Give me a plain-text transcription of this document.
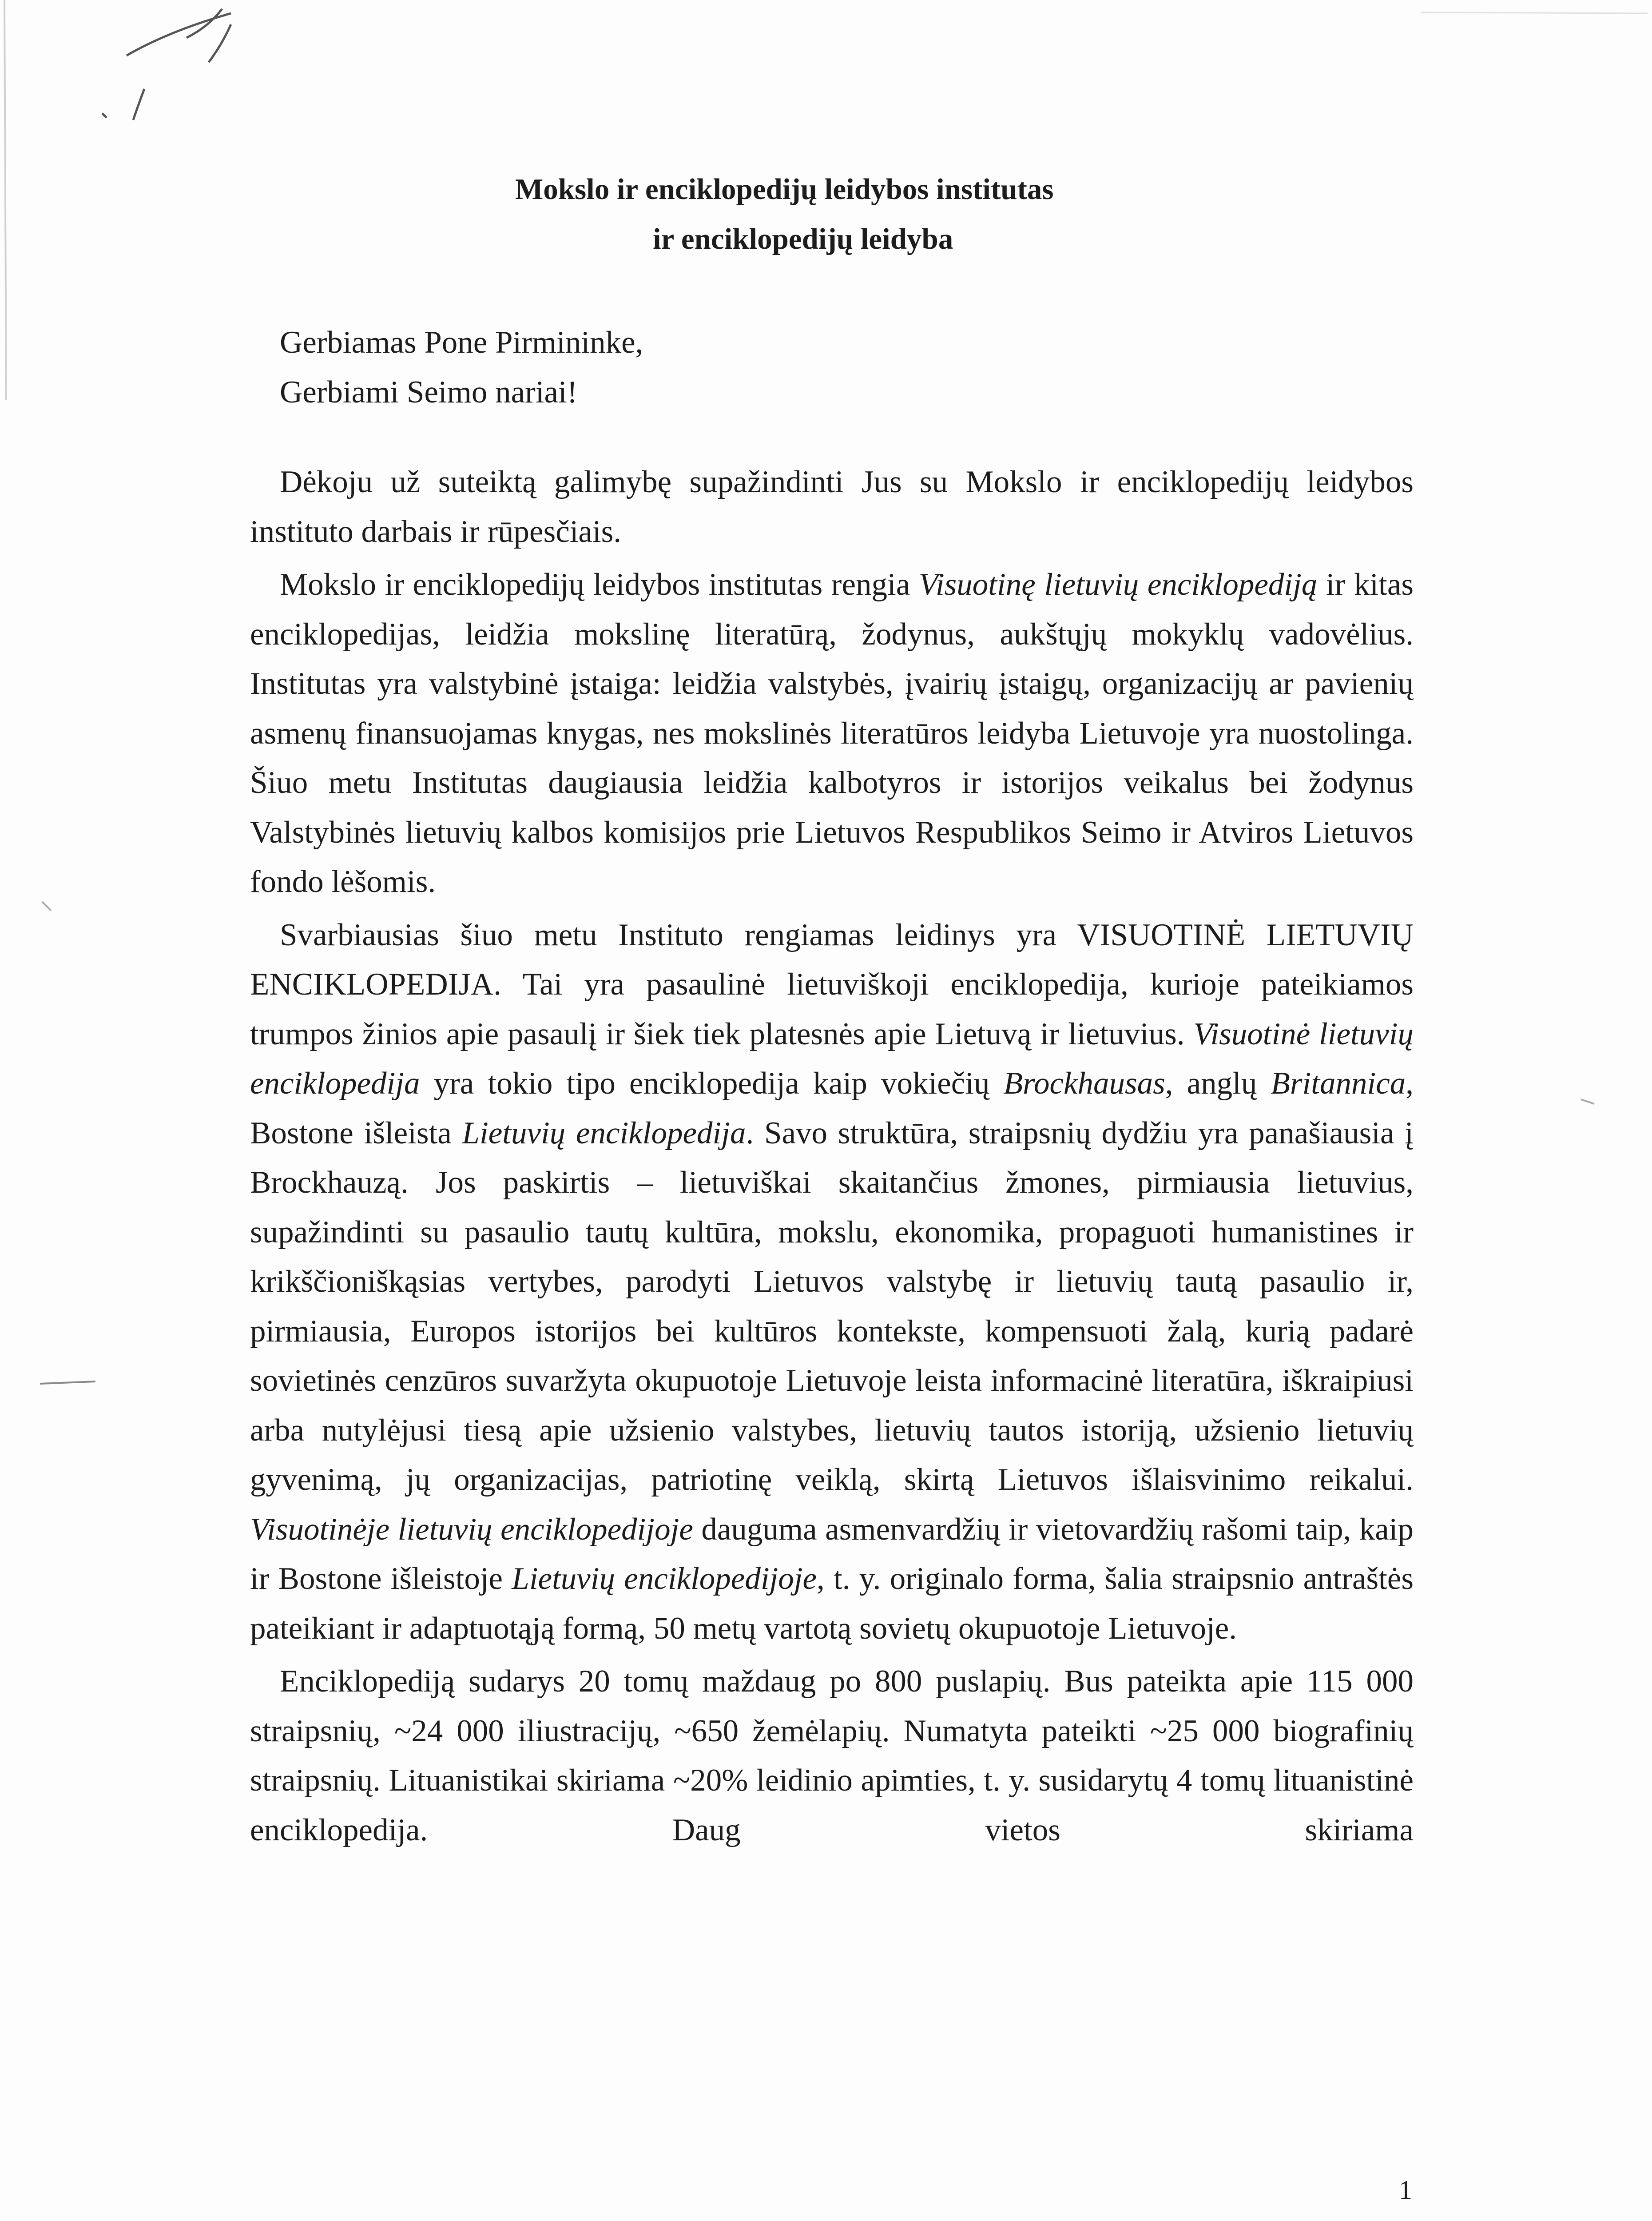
Mokslo ir enciklopedijų leidybos institutas
ir enciklopedijų leidyba
Gerbiamas Pone Pirmininke,
Gerbiami Seimo nariai!

Dėkoju už suteiktą galimybę supažindinti Jus su Mokslo ir enciklopedijų leidybos instituto darbais ir rūpesčiais.

Mokslo ir enciklopedijų leidybos institutas rengia Visuotinę lietuvių enciklopediją ir kitas enciklopedijas, leidžia mokslinę literatūrą, žodynus, aukštųjų mokyklų vadovėlius. Institutas yra valstybinė įstaiga: leidžia valstybės, įvairių įstaigų, organizacijų ar pavienių asmenų finansuojamas knygas, nes mokslinės literatūros leidyba Lietuvoje yra nuostolinga. Šiuo metu Institutas daugiausia leidžia kalbotyros ir istorijos veikalus bei žodynus Valstybinės lietuvių kalbos komisijos prie Lietuvos Respublikos Seimo ir Atviros Lietuvos fondo lėšomis.

Svarbiausias šiuo metu Instituto rengiamas leidinys yra VISUOTINĖ LIETUVIŲ ENCIKLOPEDIJA. Tai yra pasaulinė lietuviškoji enciklopedija, kurioje pateikiamos trumpos žinios apie pasaulį ir šiek tiek platesnės apie Lietuvą ir lietuvius. Visuotinė lietuvių enciklopedija yra tokio tipo enciklopedija kaip vokiečių Brockhausas, anglų Britannica, Bostone išleista Lietuvių enciklopedija. Savo struktūra, straipsnių dydžiu yra panašiausia į Brockhauzą. Jos paskirtis – lietuviškai skaitančius žmones, pirmiausia lietuvius, supažindinti su pasaulio tautų kultūra, mokslu, ekonomika, propaguoti humanistines ir krikščioniškąsias vertybes, parodyti Lietuvos valstybę ir lietuvių tautą pasaulio ir, pirmiausia, Europos istorijos bei kultūros kontekste, kompensuoti žalą, kurią padarė sovietinės cenzūros suvaržyta okupuotoje Lietuvoje leista informacinė literatūra, iškraipiusi arba nutylėjusi tiesą apie užsienio valstybes, lietuvių tautos istoriją, užsienio lietuvių gyvenimą, jų organizacijas, patriotinę veiklą, skirtą Lietuvos išlaisvinimo reikalui. Visuotinėje lietuvių enciklopedijoje dauguma asmenvardžių ir vietovardžių rašomi taip, kaip ir Bostone išleistoje Lietuvių enciklopedijoje, t. y. originalo forma, šalia straipsnio antraštės pateikiant ir adaptuotąją formą, 50 metų vartotą sovietų okupuotoje Lietuvoje.

Enciklopediją sudarys 20 tomų maždaug po 800 puslapių. Bus pateikta apie 115 000 straipsnių, ~24 000 iliustracijų, ~650 žemėlapių. Numatyta pateikti ~25 000 biografinių straipsnių. Lituanistikai skiriama ~20% leidinio apimties, t. y. susidarytų 4 tomų lituanistinė enciklopedija. Daug vietos skiriama

1
